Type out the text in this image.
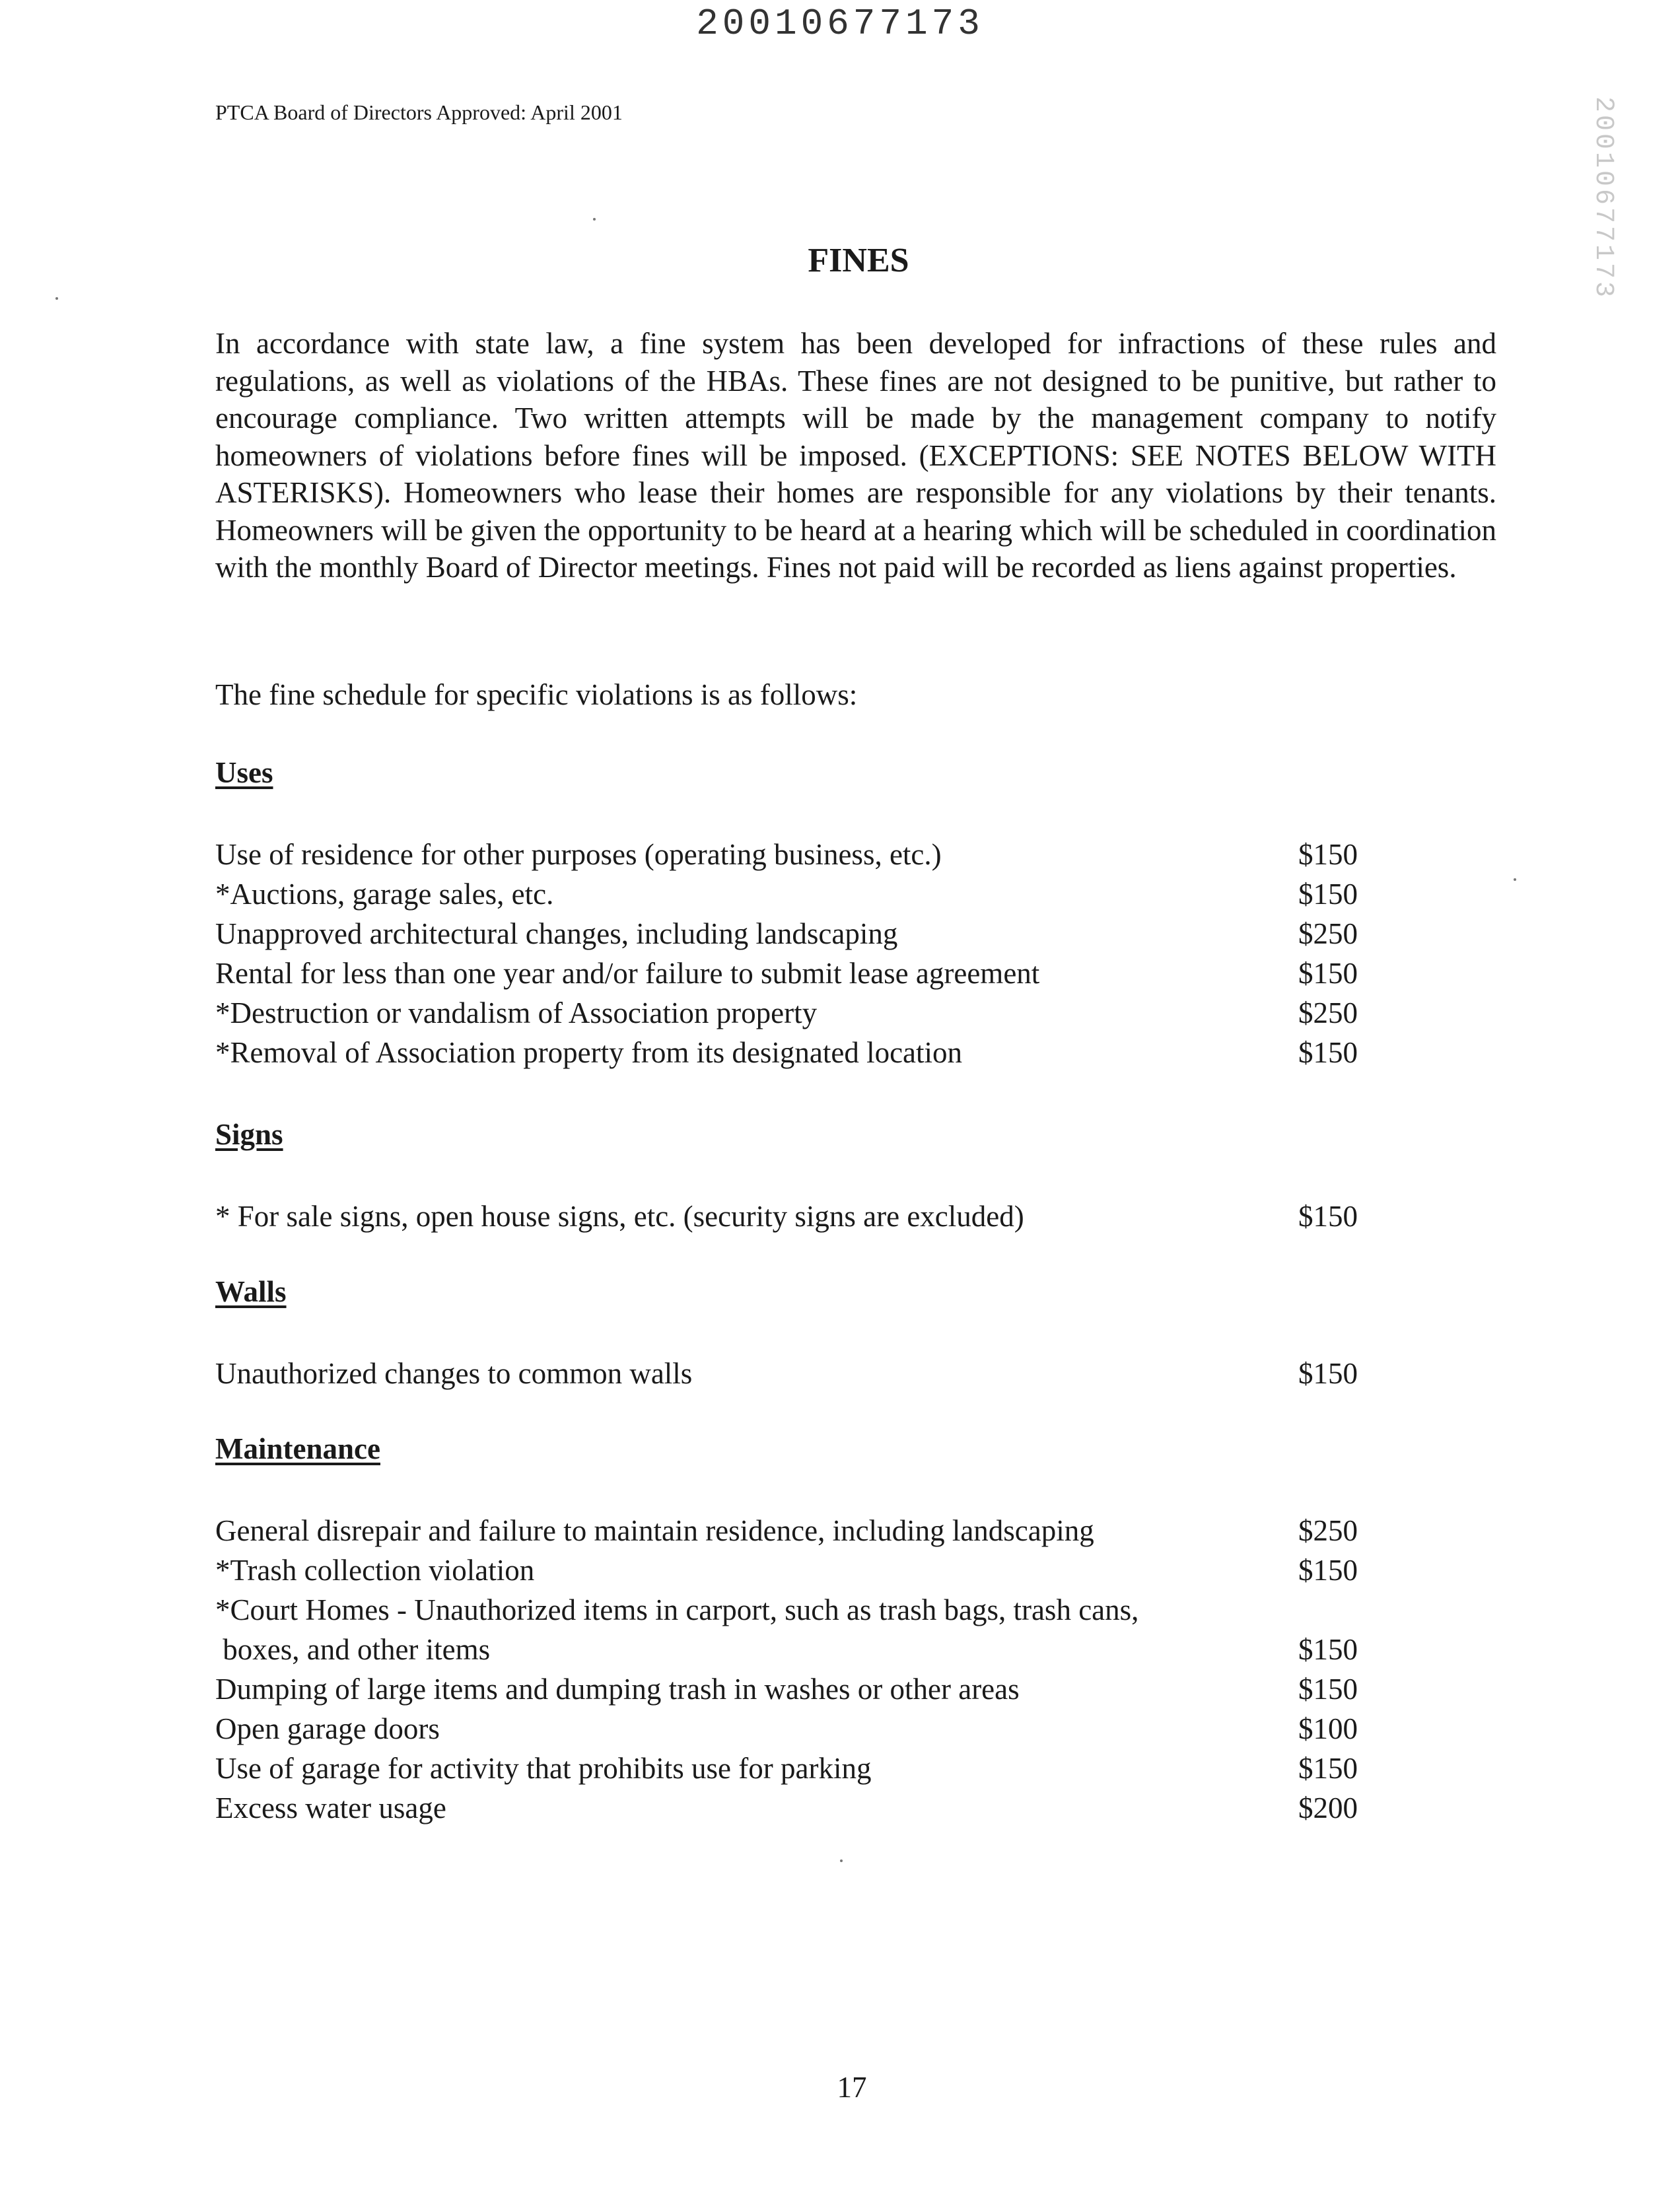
20010677173
PTCA Board of Directors Approved: April 2001	20010677173
FINES

In accordance with state law, a fine system has been developed for infractions of these rules and regulations, as well as violations of the HBAs. These fines are not designed to be punitive, but rather to encourage compliance. Two written attempts will be made by the management company to notify homeowners of violations before fines will be imposed. (EXCEPTIONS: SEE NOTES BELOW WITH ASTERISKS). Homeowners who lease their homes are responsible for any violations by their tenants. Homeowners will be given the opportunity to be heard at a hearing which will be scheduled in coordination with the monthly Board of Director meetings. Fines not paid will be recorded as liens against properties.

The fine schedule for specific violations is as follows:

Uses
Use of residence for other purposes (operating business, etc.)	$150
*Auctions, garage sales, etc.	$150
Unapproved architectural changes, including landscaping	$250
Rental for less than one year and/or failure to submit lease agreement	$150
*Destruction or vandalism of Association property	$250
*Removal of Association property from its designated location	$150
Signs
* For sale signs, open house signs, etc. (security signs are excluded)	$150
Walls
Unauthorized changes to common walls	$150
Maintenance
General disrepair and failure to maintain residence, including landscaping	$250
*Trash collection violation	$150
*Court Homes - Unauthorized items in carport, such as trash bags, trash cans,
boxes, and other items	$150
Dumping of large items and dumping trash in washes or other areas	$150
Open garage doors	$100
Use of garage for activity that prohibits use for parking	$150
Excess water usage	$200
17
